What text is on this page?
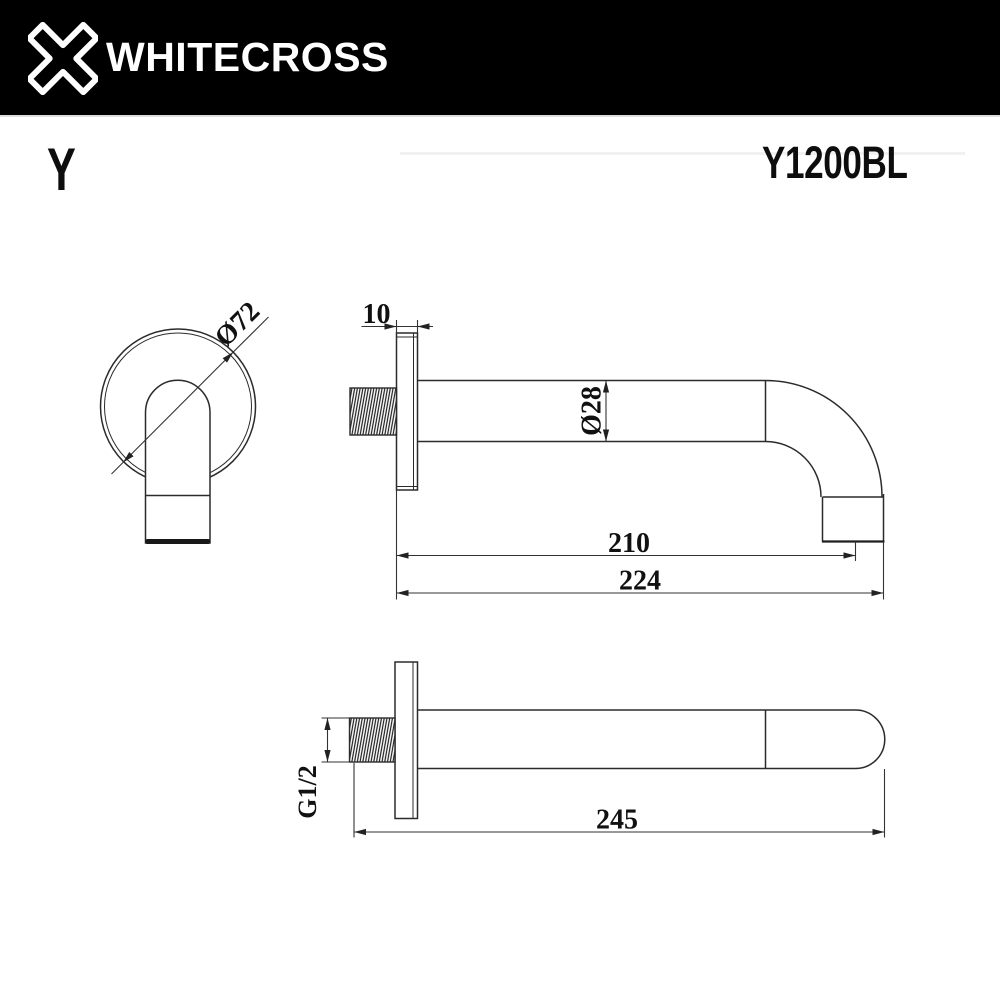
WHITECROSS
Y	Y1200BL
Ø72	10
Ø28
210
224
G1/2
245
